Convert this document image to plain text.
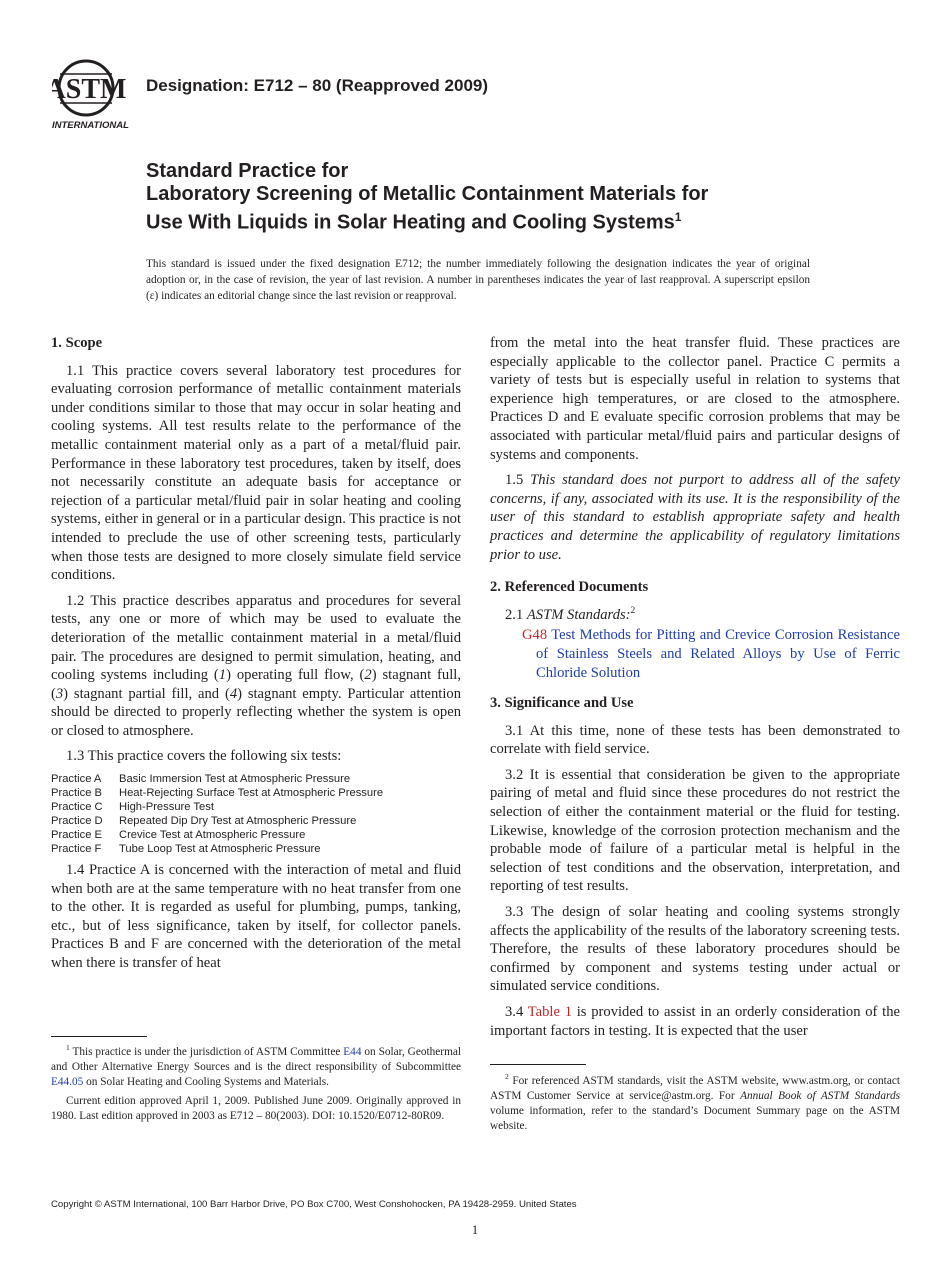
ASTM
INTERNATIONAL
Designation: E712 – 80 (Reapproved 2009)
Standard Practice for
Laboratory Screening of Metallic Containment Materials for
Use With Liquids in Solar Heating and Cooling Systems$^1$
This standard is issued under the fixed designation E712; the number immediately following the designation indicates the year of original adoption or, in the case of revision, the year of last revision. A number in parentheses indicates the year of last reapproval. A superscript epsilon (ε) indicates an editorial change since the last revision or reapproval.
1. Scope
1.1 This practice covers several laboratory test procedures for evaluating corrosion performance of metallic containment materials under conditions similar to those that may occur in solar heating and cooling systems. All test results relate to the performance of the metallic containment material only as a part of a metal/fluid pair. Performance in these laboratory test procedures, taken by itself, does not necessarily constitute an adequate basis for acceptance or rejection of a particular metal/fluid pair in solar heating and cooling systems, either in general or in a particular design. This practice is not intended to preclude the use of other screening tests, particularly when those tests are designed to more closely simulate field service conditions.
1.2 This practice describes apparatus and procedures for several tests, any one or more of which may be used to evaluate the deterioration of the metallic containment material in a metal/fluid pair. The procedures are designed to permit simulation, heating, and cooling systems including (1) operating full flow, (2) stagnant full, (3) stagnant partial fill, and (4) stagnant empty. Particular attention should be directed to properly reflecting whether the system is open or closed to atmosphere.
1.3 This practice covers the following six tests:
Practice A	Basic Immersion Test at Atmospheric Pressure
Practice B	Heat-Rejecting Surface Test at Atmospheric Pressure
Practice C	High-Pressure Test
Practice D	Repeated Dip Dry Test at Atmospheric Pressure
Practice E	Crevice Test at Atmospheric Pressure
Practice F	Tube Loop Test at Atmospheric Pressure
1.4 Practice A is concerned with the interaction of metal and fluid when both are at the same temperature with no heat transfer from one to the other. It is regarded as useful for plumbing, pumps, tanking, etc., but of less significance, taken by itself, for collector panels. Practices B and F are concerned with the deterioration of the metal when there is transfer of heat
from the metal into the heat transfer fluid. These practices are especially applicable to the collector panel. Practice C permits a variety of tests but is especially useful in relation to systems that experience high temperatures, or are closed to the atmosphere. Practices D and E evaluate specific corrosion problems that may be associated with particular metal/fluid pairs and particular designs of systems and components.
1.5 This standard does not purport to address all of the safety concerns, if any, associated with its use. It is the responsibility of the user of this standard to establish appropriate safety and health practices and determine the applicability of regulatory limitations prior to use.
2. Referenced Documents
2.1 ASTM Standards:$^2$
G48 Test Methods for Pitting and Crevice Corrosion Resistance of Stainless Steels and Related Alloys by Use of Ferric Chloride Solution
3. Significance and Use
3.1 At this time, none of these tests has been demonstrated to correlate with field service.
3.2 It is essential that consideration be given to the appropriate pairing of metal and fluid since these procedures do not restrict the selection of either the containment material or the fluid for testing. Likewise, knowledge of the corrosion protection mechanism and the probable mode of failure of a particular metal is helpful in the selection of test conditions and the observation, interpretation, and reporting of test results.
3.3 The design of solar heating and cooling systems strongly affects the applicability of the results of the laboratory screening tests. Therefore, the results of these laboratory procedures should be confirmed by component and systems testing under actual or simulated service conditions.
3.4 Table 1 is provided to assist in an orderly consideration of the important factors in testing. It is expected that the user

$^1$ This practice is under the jurisdiction of ASTM Committee E44 on Solar, Geothermal and Other Alternative Energy Sources and is the direct responsibility of Subcommittee E44.05 on Solar Heating and Cooling Systems and Materials.

Current edition approved April 1, 2009. Published June 2009. Originally approved in 1980. Last edition approved in 2003 as E712 – 80(2003). DOI: 10.1520/E0712-80R09.

$^2$ For referenced ASTM standards, visit the ASTM website, www.astm.org, or contact ASTM Customer Service at service@astm.org. For Annual Book of ASTM Standards volume information, refer to the standard’s Document Summary page on the ASTM website.

Copyright © ASTM International, 100 Barr Harbor Drive, PO Box C700, West Conshohocken, PA 19428-2959. United States
1
